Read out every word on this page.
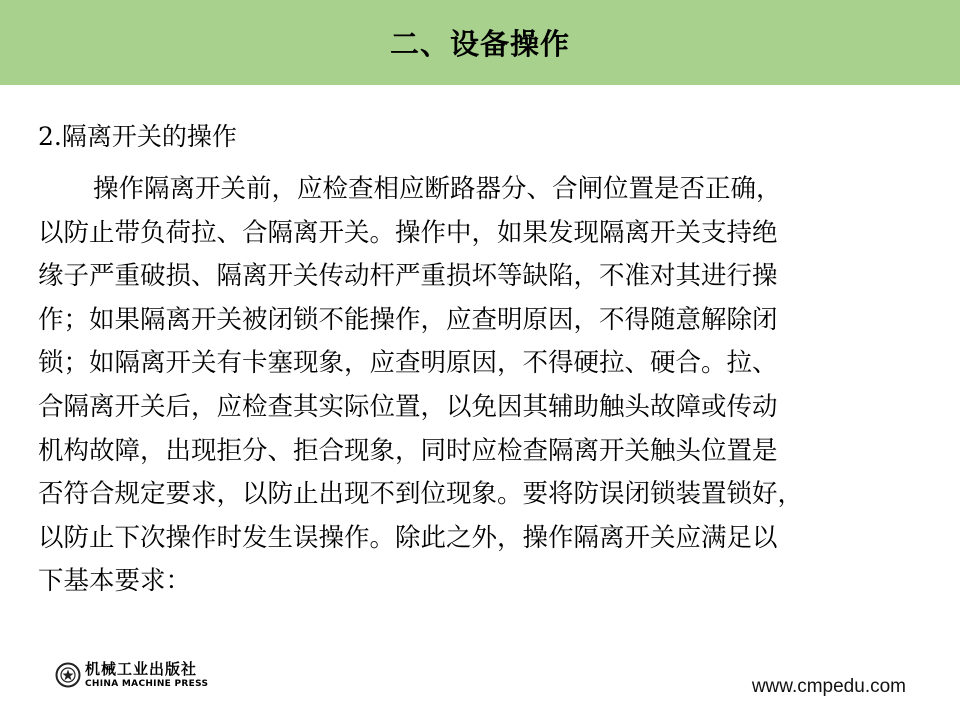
二、设备操作
2.隔离开关的操作
操作隔离开关前，应检查相应断路器分、合闸位置是否正确，
以防止带负荷拉、合隔离开关。操作中，如果发现隔离开关支持绝
缘子严重破损、隔离开关传动杆严重损坏等缺陷，不准对其进行操
作；如果隔离开关被闭锁不能操作，应查明原因，不得随意解除闭
锁；如隔离开关有卡塞现象，应查明原因，不得硬拉、硬合。拉、
合隔离开关后，应检查其实际位置，以免因其辅助触头故障或传动
机构故障，出现拒分、拒合现象，同时应检查隔离开关触头位置是
否符合规定要求，以防止出现不到位现象。要将防误闭锁装置锁好，
以防止下次操作时发生误操作。除此之外，操作隔离开关应满足以
下基本要求：
机械工业出版社
CHINA MACHINE PRESS	www.cmpedu.com
